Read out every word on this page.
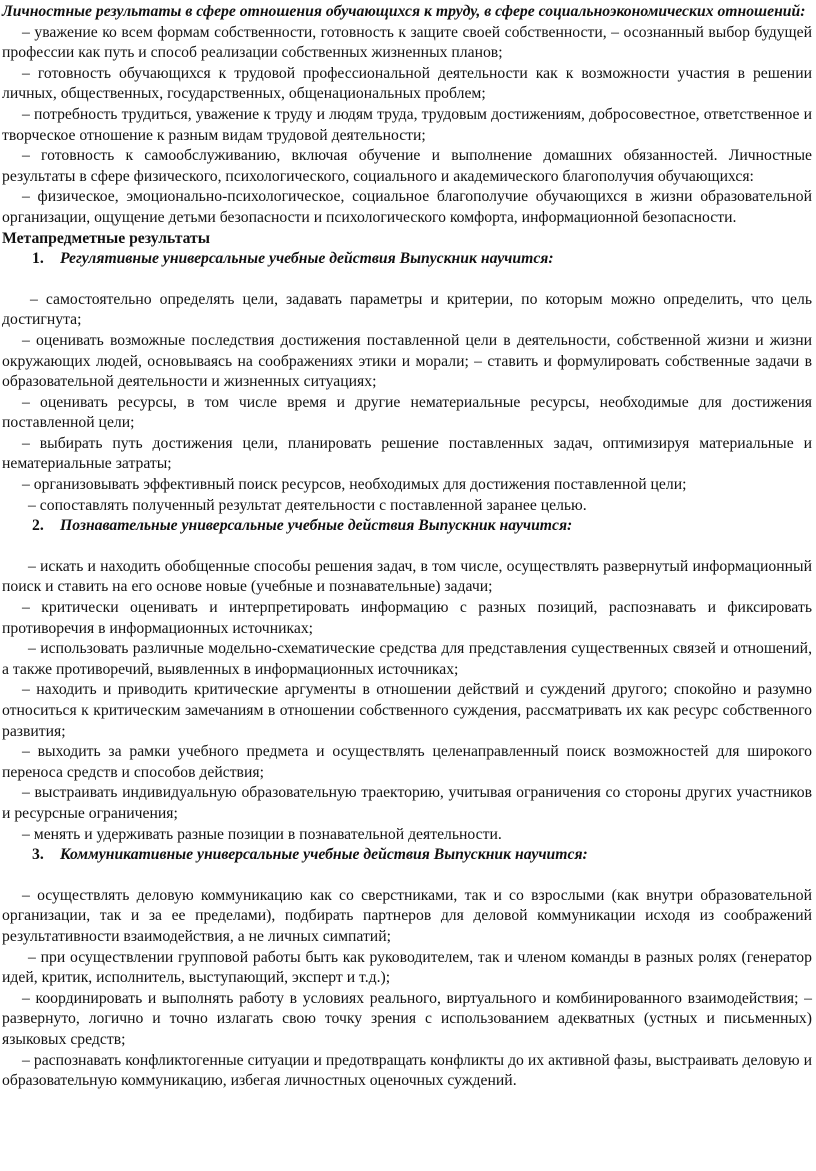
Личностные результаты в сфере отношения обучающихся к труду, в сфере социальноэкономических отношений:

– уважение ко всем формам собственности, готовность к защите своей собственности, – осознанный выбор будущей профессии как путь и способ реализации собственных жизненных планов;

– готовность обучающихся к трудовой профессиональной деятельности как к возможности участия в решении личных, общественных, государственных, общенациональных проблем;

– потребность трудиться, уважение к труду и людям труда, трудовым достижениям, добросовестное, ответственное и творческое отношение к разным видам трудовой деятельности;

– готовность к самообслуживанию, включая обучение и выполнение домашних обязанностей. Личностные результаты в сфере физического, психологического, социального и академического благополучия обучающихся:

– физическое, эмоционально-психологическое, социальное благополучие обучающихся в жизни образовательной организации, ощущение детьми безопасности и психологического комфорта, информационной безопасности.

Метапредметные результаты

1. Регулятивные универсальные учебные действия Выпускник научится:

– самостоятельно определять цели, задавать параметры и критерии, по которым можно определить, что цель достигнута;

– оценивать возможные последствия достижения поставленной цели в деятельности, собственной жизни и жизни окружающих людей, основываясь на соображениях этики и морали; – ставить и формулировать собственные задачи в образовательной деятельности и жизненных ситуациях;

– оценивать ресурсы, в том числе время и другие нематериальные ресурсы, необходимые для достижения поставленной цели;

– выбирать путь достижения цели, планировать решение поставленных задач, оптимизируя материальные и нематериальные затраты;

– организовывать эффективный поиск ресурсов, необходимых для достижения поставленной цели;

– сопоставлять полученный результат деятельности с поставленной заранее целью.

2. Познавательные универсальные учебные действия Выпускник научится:

– искать и находить обобщенные способы решения задач, в том числе, осуществлять развернутый информационный поиск и ставить на его основе новые (учебные и познавательные) задачи;

– критически оценивать и интерпретировать информацию с разных позиций, распознавать и фиксировать противоречия в информационных источниках;

– использовать различные модельно-схематические средства для представления существенных связей и отношений, а также противоречий, выявленных в информационных источниках;

– находить и приводить критические аргументы в отношении действий и суждений другого; спокойно и разумно относиться к критическим замечаниям в отношении собственного суждения, рассматривать их как ресурс собственного развития;

– выходить за рамки учебного предмета и осуществлять целенаправленный поиск возможностей для широкого переноса средств и способов действия;

– выстраивать индивидуальную образовательную траекторию, учитывая ограничения со стороны других участников и ресурсные ограничения;

– менять и удерживать разные позиции в познавательной деятельности.

3. Коммуникативные универсальные учебные действия Выпускник научится:

– осуществлять деловую коммуникацию как со сверстниками, так и со взрослыми (как внутри образовательной организации, так и за ее пределами), подбирать партнеров для деловой коммуникации исходя из соображений результативности взаимодействия, а не личных симпатий;

– при осуществлении групповой работы быть как руководителем, так и членом команды в разных ролях (генератор идей, критик, исполнитель, выступающий, эксперт и т.д.);

– координировать и выполнять работу в условиях реального, виртуального и комбинированного взаимодействия; – развернуто, логично и точно излагать свою точку зрения с использованием адекватных (устных и письменных) языковых средств;

– распознавать конфликтогенные ситуации и предотвращать конфликты до их активной фазы, выстраивать деловую и образовательную коммуникацию, избегая личностных оценочных суждений.
